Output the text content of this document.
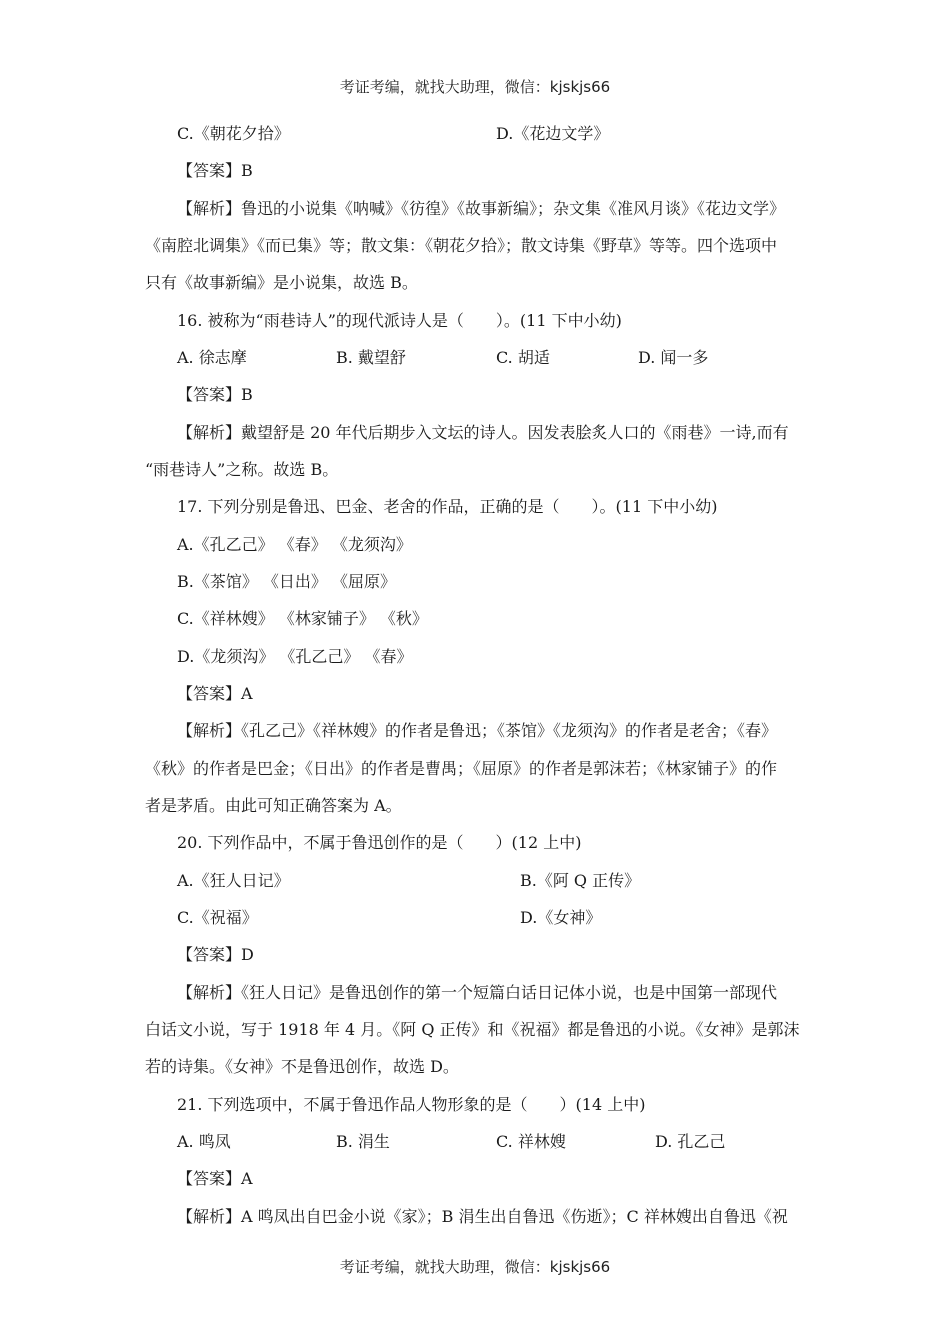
考证考编，就找大助理，微信：kjskjs66
C.《朝花夕拾》	D.《花边文学》
【答案】B
【解析】鲁迅的小说集《呐喊》《彷徨》《故事新编》；杂文集《准风月谈》《花边文学》
《南腔北调集》《而已集》等；散文集：《朝花夕拾》；散文诗集《野草》等等。四个选项中
只有《故事新编》是小说集，故选 B。
16. 被称为“雨巷诗人”的现代派诗人是（　　）。(11 下中小幼)
A. 徐志摩	B. 戴望舒	C. 胡适	D. 闻一多
【答案】B
【解析】戴望舒是 20 年代后期步入文坛的诗人。因发表脍炙人口的《雨巷》一诗,而有
“雨巷诗人”之称。故选 B。
17. 下列分别是鲁迅、巴金、老舍的作品，正确的是（　　）。(11 下中小幼)
A.《孔乙己》 《春》 《龙须沟》
B.《茶馆》 《日出》 《屈原》
C.《祥林嫂》 《林家铺子》 《秋》
D.《龙须沟》 《孔乙己》 《春》
【答案】A
【解析】《孔乙己》《祥林嫂》的作者是鲁迅；《茶馆》《龙须沟》的作者是老舍；《春》
《秋》的作者是巴金；《日出》的作者是曹禺；《屈原》的作者是郭沫若；《林家铺子》的作
者是茅盾。由此可知正确答案为 A。
20. 下列作品中，不属于鲁迅创作的是（　　）(12 上中)
A.《狂人日记》	B.《阿 Q 正传》
C.《祝福》	D.《女神》
【答案】D
【解析】《狂人日记》是鲁迅创作的第一个短篇白话日记体小说，也是中国第一部现代
白话文小说，写于 1918 年 4 月。《阿 Q 正传》和《祝福》都是鲁迅的小说。《女神》是郭沫
若的诗集。《女神》不是鲁迅创作，故选 D。
21. 下列选项中，不属于鲁迅作品人物形象的是（　　）(14 上中)
A. 鸣凤	B. 涓生	C. 祥林嫂	D. 孔乙己
【答案】A
【解析】A 鸣凤出自巴金小说《家》；B 涓生出自鲁迅《伤逝》；C 祥林嫂出自鲁迅《祝
考证考编，就找大助理，微信：kjskjs66
